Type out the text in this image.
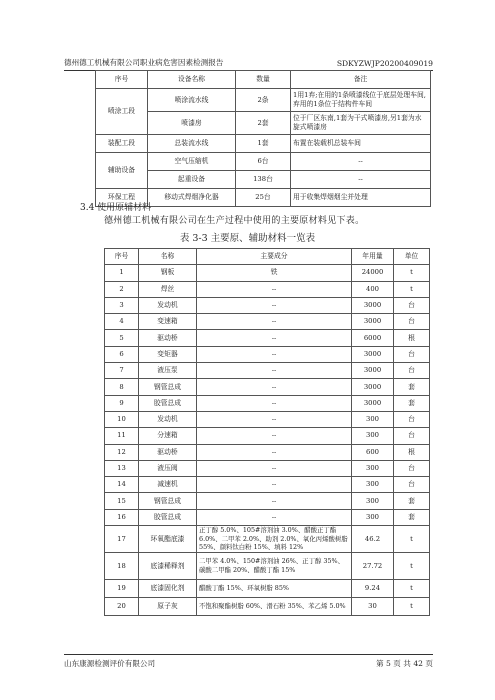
德州德工机械有限公司职业病危害因素检测报告	SDKYZWJP20200409019
序号	设备名称	数量	备注
喷涂工段	喷涂流水线	2条	1用1弃;在用的1条喷漆线位于底层处理车间,弃用的1条位于结构件车间
	喷漆房	2套	位于厂区东南,1套为干式喷漆房,另1套为水旋式喷漆房
装配工段	总装流水线	1套	布置在装载机总装车间
辅助设备	空气压缩机	6台	--
	起重设备	138台	--
环保工程	移动式焊烟净化器	25台	用于收集焊烟烟尘并处理
3.4 使用原辅材料
德州德工机械有限公司在生产过程中使用的主要原材料见下表。
表 3-3 主要原、辅助材料一览表
序号	名称	主要成分	年用量	单位
1	钢板	铁	24000	t
2	焊丝	--	400	t
3	发动机	--	3000	台
4	变速箱	--	3000	台
5	驱动桥	--	6000	根
6	变矩器	--	3000	台
7	液压泵	--	3000	台
8	钢管总成	--	3000	套
9	胶管总成	--	3000	套
10	发动机	--	300	台
11	分速箱	--	300	台
12	驱动桥	--	600	根
13	液压阀	--	300	台
14	减速机	--	300	台
15	钢管总成	--	300	套
16	胶管总成	--	300	套
17	环氧酯底漆	正丁醇 5.0%、105#溶剂油 3.0%、醋酸正丁酯 6.0%、二甲苯 2.0%、助剂 2.0%、氧化丙烯酸树脂 55%、颜料钛白粉 15%、填料 12%	46.2	t
18	底漆稀释剂	二甲苯 4.0%、150#溶剂油 26%、正丁醇 35%、碳酸二甲酯 20%、醋酸丁酯 15%	27.72	t
19	底漆固化剂	醋酸丁酯 15%、环氧树脂 85%	9.24	t
20	原子灰	不饱和聚酯树脂 60%、滑石粉 35%、苯乙烯 5.0%	30	t
山东康源检测评价有限公司	第 5 页 共 42 页
